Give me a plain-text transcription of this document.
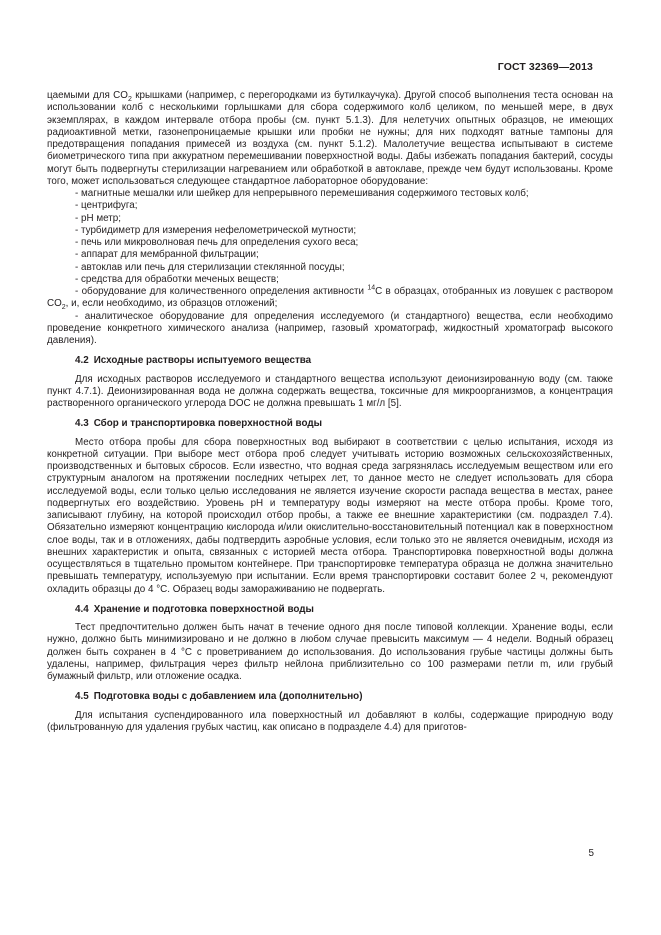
ГОСТ 32369—2013

цаемыми для $CO_2$ крышками (например, с перегородками из бутилкаучука). Другой способ выполнения теста основан на использовании колб с несколькими горлышками для сбора содержимого колб целиком, по меньшей мере, в двух экземплярах, в каждом интервале отбора пробы (см. пункт 5.1.3). Для нелетучих опытных образцов, не имеющих радиоактивной метки, газонепроницаемые крышки или пробки не нужны; для них подходят ватные тампоны для предотвращения попадания примесей из воздуха (см. пункт 5.1.2). Малолетучие вещества испытывают в системе биометрического типа при аккуратном перемешивании поверхностной воды. Дабы избежать попадания бактерий, сосуды могут быть подвергнуты стерилизации нагреванием или обработкой в автоклаве, прежде чем будут использованы. Кроме того, может использоваться следующее стандартное лабораторное оборудование:

- магнитные мешалки или шейкер для непрерывного перемешивания содержимого тестовых колб;

- центрифуга;

- pH метр;

- турбидиметр для измерения нефелометрической мутности;

- печь или микроволновая печь для определения сухого веса;

- аппарат для мембранной фильтрации;

- автоклав или печь для стерилизации стеклянной посуды;

- средства для обработки меченых веществ;

- оборудование для количественного определения активности $^{14}$C в образцах, отобранных из ловушек с раствором $CO_2$, и, если необходимо, из образцов отложений;

- аналитическое оборудование для определения исследуемого (и стандартного) вещества, если необходимо проведение конкретного химического анализа (например, газовый хроматограф, жидкостный хроматограф высокого давления).

4.2 Исходные растворы испытуемого вещества

Для исходных растворов исследуемого и стандартного вещества используют деионизированную воду (см. также пункт 4.7.1). Деионизированная вода не должна содержать вещества, токсичные для микроорганизмов, а концентрация растворенного органического углерода DOC не должна превышать 1 мг/л [5].

4.3 Сбор и транспортировка поверхностной воды

Место отбора пробы для сбора поверхностных вод выбирают в соответствии с целью испытания, исходя из конкретной ситуации. При выборе мест отбора проб следует учитывать историю возможных сельскохозяйственных, производственных и бытовых сбросов. Если известно, что водная среда загрязнялась исследуемым веществом или его структурным аналогом на протяжении последних четырех лет, то данное место не следует использовать для сбора исследуемой воды, если только целью исследования не является изучение скорости распада вещества в местах, ранее подвергнутых его воздействию. Уровень pH и температуру воды измеряют на месте отбора пробы. Кроме того, записывают глубину, на которой происходил отбор пробы, а также ее внешние характеристики (см. подраздел 7.4). Обязательно измеряют концентрацию кислорода и/или окислительно-восстановительный потенциал как в поверхностном слое воды, так и в отложениях, дабы подтвердить аэробные условия, если только это не является очевидным, исходя из внешних характеристик и опыта, связанных с историей места отбора. Транспортировка поверхностной воды должна осуществляться в тщательно промытом контейнере. При транспортировке температура образца не должна значительно превышать температуру, используемую при испытании. Если время транспортировки составит более 2 ч, рекомендуют охладить образцы до 4 °С. Образец воды замораживанию не подвергать.

4.4 Хранение и подготовка поверхностной воды

Тест предпочтительно должен быть начат в течение одного дня после типовой коллекции. Хранение воды, если нужно, должно быть минимизировано и не должно в любом случае превысить максимум — 4 недели. Водный образец должен быть сохранен в 4 °С с проветриванием до использования. До использования грубые частицы должны быть удалены, например, фильтрация через фильтр нейлона приблизительно со 100 размерами петли m, или грубый бумажный фильтр, или отложение осадка.

4.5 Подготовка воды с добавлением ила (дополнительно)

Для испытания суспендированного ила поверхностный ил добавляют в колбы, содержащие природную воду (фильтрованную для удаления грубых частиц, как описано в подразделе 4.4) для приготов-

5
